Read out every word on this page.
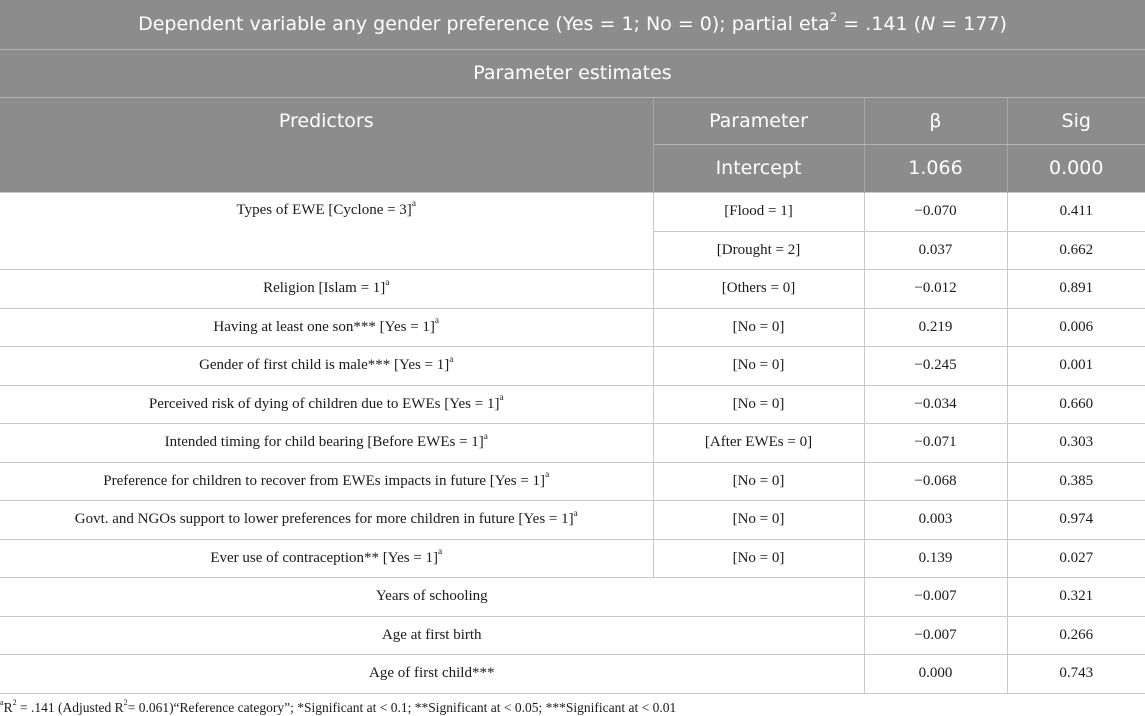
Dependent variable any gender preference (Yes = 1; No = 0); partial eta$^2$ = .141 (N = 177)			
Parameter estimates			
Predictors	Parameter	β	Sig
	Intercept	1.066	0.000
Types of EWE [Cyclone = 3]$^a$	[Flood = 1]	−0.070	0.411
	[Drought = 2]	0.037	0.662
Religion [Islam = 1]$^a$	[Others = 0]	−0.012	0.891
Having at least one son*** [Yes = 1]$^a$	[No = 0]	0.219	0.006
Gender of first child is male*** [Yes = 1]$^a$	[No = 0]	−0.245	0.001
Perceived risk of dying of children due to EWEs [Yes = 1]$^a$	[No = 0]	−0.034	0.660
Intended timing for child bearing [Before EWEs = 1]$^a$	[After EWEs = 0]	−0.071	0.303
Preference for children to recover from EWEs impacts in future [Yes = 1]$^a$	[No = 0]	−0.068	0.385
Govt. and NGOs support to lower preferences for more children in future [Yes = 1]$^a$	[No = 0]	0.003	0.974
Ever use of contraception** [Yes = 1]$^a$	[No = 0]	0.139	0.027
Years of schooling		−0.007	0.321
Age at first birth		−0.007	0.266
Age of first child***		0.000	0.743
$^aR^2 = .141$ (Adjusted $R^2=$ 0.061)“Reference category”; *Significant at < 0.1; **Significant at < 0.05; ***Significant at < 0.01
